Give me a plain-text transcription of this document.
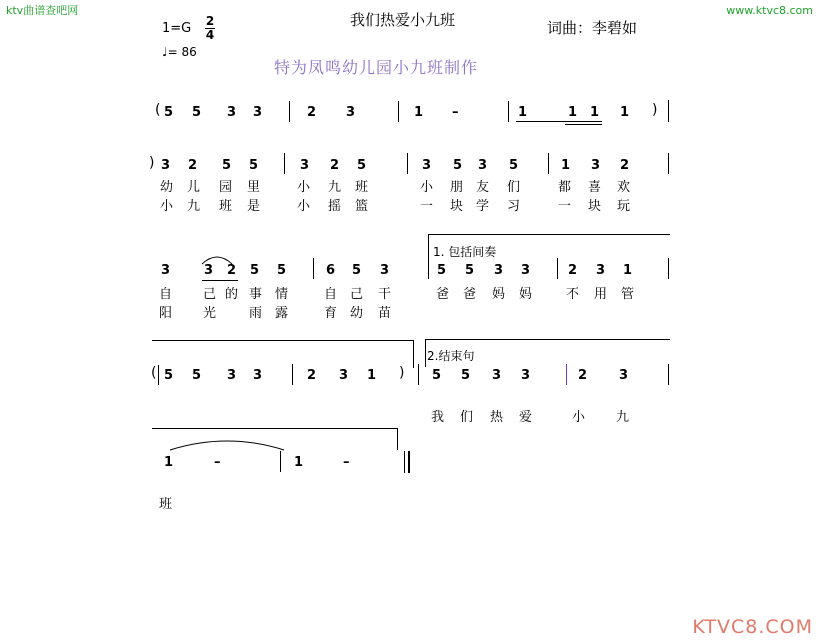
ktv曲谱查吧网	www.ktvc8.com
KTVC8.COM
1=G 2
4
♩= 86
我们热爱小九班	词曲：李碧如
特为凤鸣幼儿园小九班制作
( 5 5 3 3	2 3	1 –	1	1 1 1 )
) 3 2 5 5	3 2 5	3 5 3 5	1 3 2
幼 儿 园 里	小 九 班	小 朋 友 们	都 喜 欢
小 九 班 是	小 摇 篮	一 块 学 习	一 块 玩
1. 包括间奏
3	3 2 5 5	6 5 3	5 5 3 3	2 3 1
自 己 的 事 情	自 己 干	爸 爸 妈 妈	不 用 管
阳 光	雨 露	育 幼 苗
2.结束句
( 5 5 3 3	2 3 1 ) 5 5 3 3	2 3
我 们 热 爱	小 九
1	–	1	–
班
